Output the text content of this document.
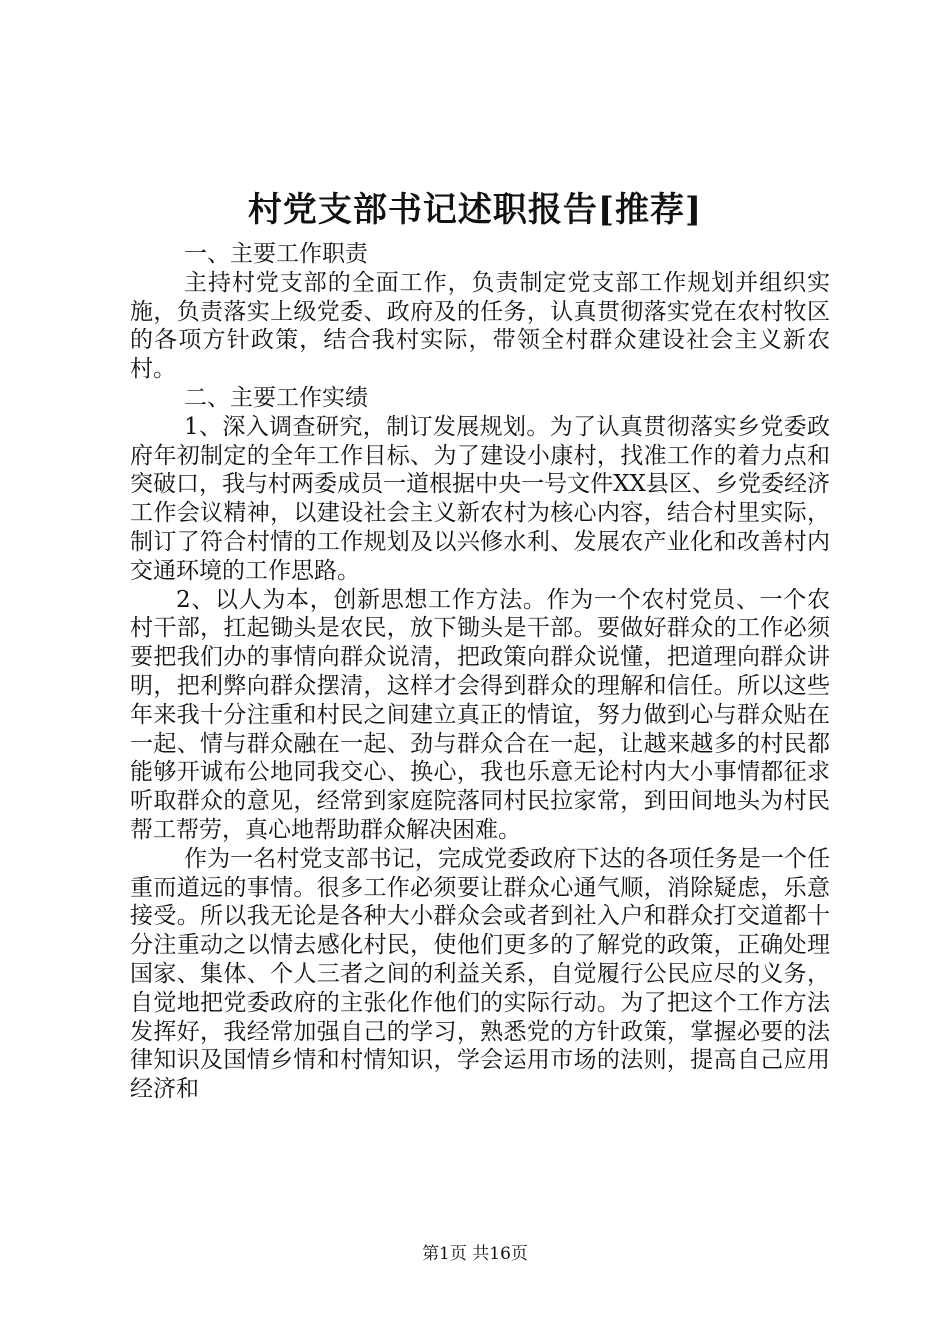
村党支部书记述职报告[推荐]

一、主要工作职责

主持村党支部的全面工作，负责制定党支部工作规划并组织实施，负责落实上级党委、政府及的任务，认真贯彻落实党在农村牧区的各项方针政策，结合我村实际，带领全村群众建设社会主义新农村。

二、主要工作实绩

1、深入调查研究，制订发展规划。为了认真贯彻落实乡党委政府年初制定的全年工作目标、为了建设小康村，找准工作的着力点和突破口，我与村两委成员一道根据中央一号文件XX县区、乡党委经济工作会议精神，以建设社会主义新农村为核心内容，结合村里实际，制订了符合村情的工作规划及以兴修水利、发展农产业化和改善村内交通环境的工作思路。

2、以人为本，创新思想工作方法。作为一个农村党员、一个农村干部，扛起锄头是农民，放下锄头是干部。要做好群众的工作必须要把我们办的事情向群众说清，把政策向群众说懂，把道理向群众讲明，把利弊向群众摆清，这样才会得到群众的理解和信任。所以这些年来我十分注重和村民之间建立真正的情谊，努力做到心与群众贴在一起、情与群众融在一起、劲与群众合在一起，让越来越多的村民都能够开诚布公地同我交心、换心，我也乐意无论村内大小事情都征求听取群众的意见，经常到家庭院落同村民拉家常，到田间地头为村民帮工帮劳，真心地帮助群众解决困难。

作为一名村党支部书记，完成党委政府下达的各项任务是一个任重而道远的事情。很多工作必须要让群众心通气顺，消除疑虑，乐意接受。所以我无论是各种大小群众会或者到社入户和群众打交道都十分注重动之以情去感化村民，使他们更多的了解党的政策，正确处理国家、集体、个人三者之间的利益关系，自觉履行公民应尽的义务，自觉地把党委政府的主张化作他们的实际行动。为了把这个工作方法发挥好，我经常加强自己的学习，熟悉党的方针政策，掌握必要的法律知识及国情乡情和村情知识，学会运用市场的法则，提高自己应用经济和

第1页 共16页
